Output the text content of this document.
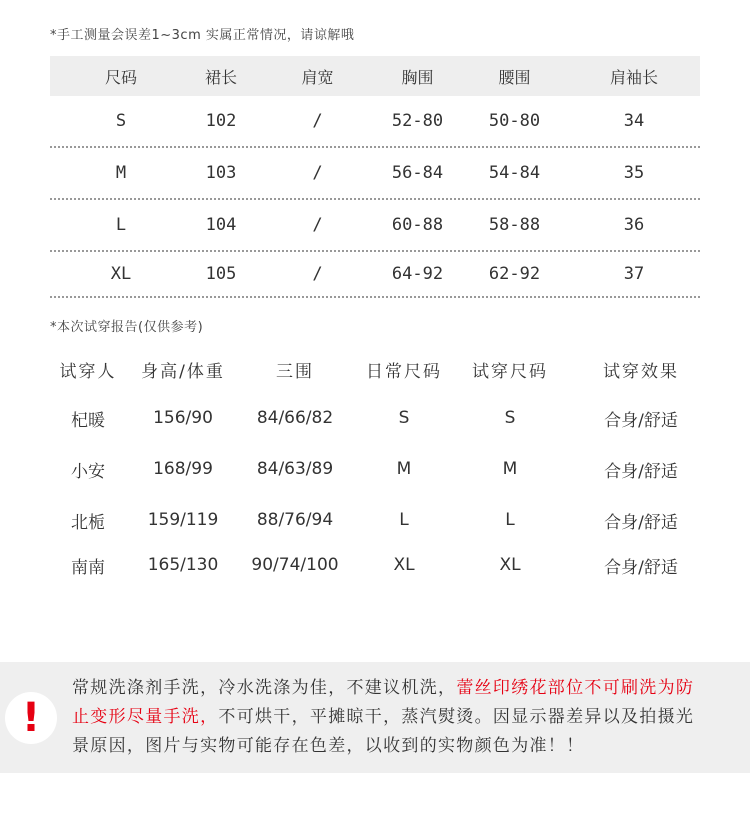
*手工测量会误差1~3cm 实属正常情况，请谅解哦
尺码	裙长	肩宽	胸围	腰围	肩袖长
S	102	/	52-80	50-80	34
M	103	/	56-84	54-84	35
L	104	/	60-88	58-88	36
XL	105	/	64-92	62-92	37
*本次试穿报告(仅供参考)
试穿人	身高/体重	三围	日常尺码	试穿尺码	试穿效果
杞暖	156/90	84/66/82	S	S	合身/舒适
小安	168/99	84/63/89	M	M	合身/舒适
北栀	159/119	88/76/94	L	L	合身/舒适
南南	165/130	90/74/100	XL	XL	合身/舒适
!
常规洗涤剂手洗，冷水洗涤为佳，不建议机洗，蕾丝印绣花部位不可刷洗为防止变形尽量手洗，不可烘干，平摊晾干，蒸汽熨烫。因显示器差异以及拍摄光景原因，图片与实物可能存在色差，以收到的实物颜色为准！！
